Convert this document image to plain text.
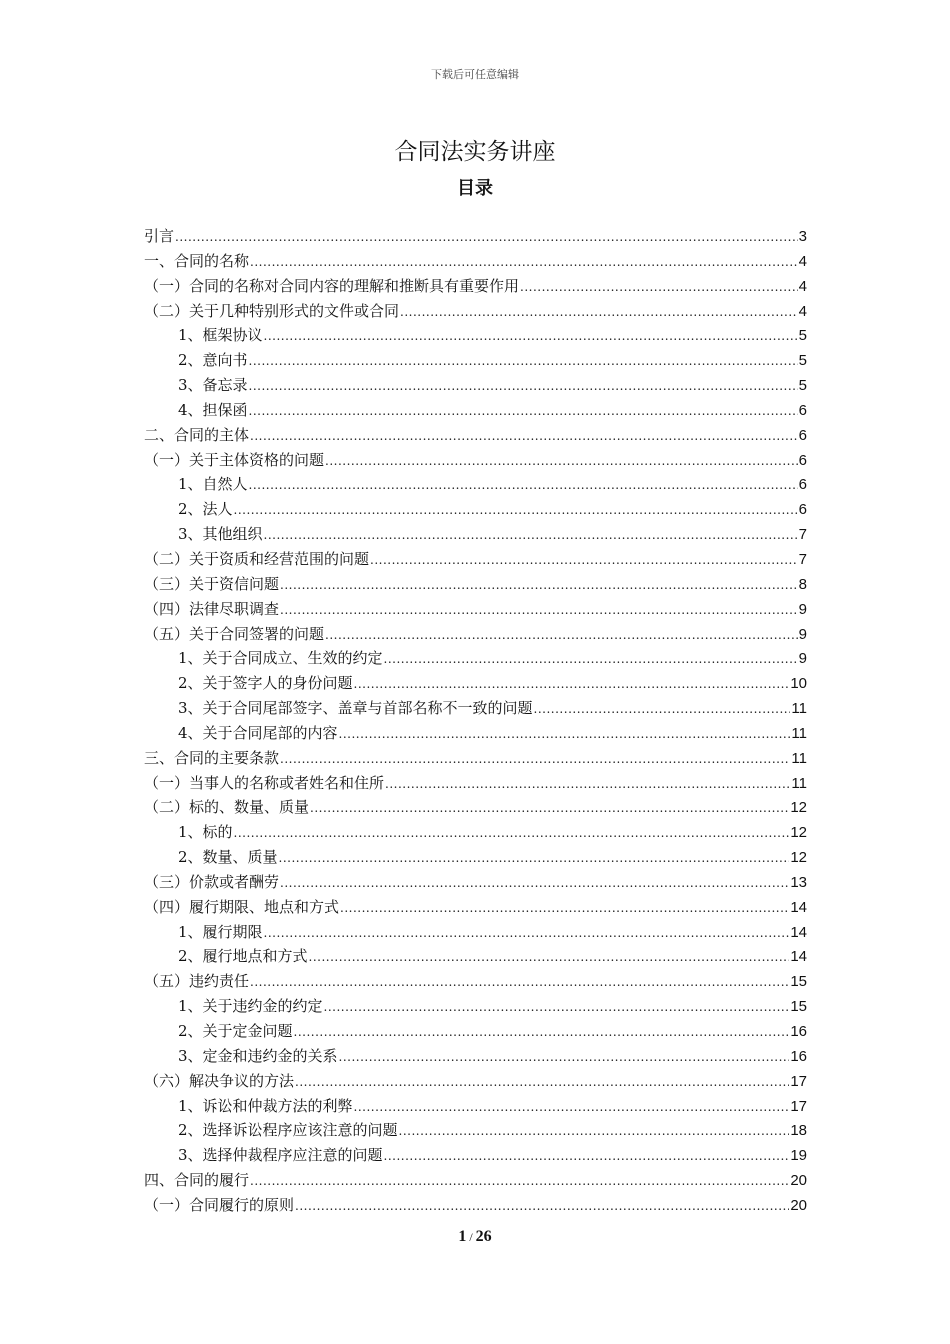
下载后可任意编辑
合同法实务讲座
目录
引言 .....	3
一、合同的名称 .....	4
（一）合同的名称对合同内容的理解和推断具有重要作用 .....	4
（二）关于几种特别形式的文件或合同 .....	4
1、框架协议 .....	5
2、意向书 .....	5
3、备忘录 .....	5
4、担保函 .....	6
二、合同的主体 .....	6
（一）关于主体资格的问题 .....	6
1、自然人 .....	6
2、法人 .....	6
3、其他组织 .....	7
（二）关于资质和经营范围的问题 .....	7
（三）关于资信问题 .....	8
（四）法律尽职调查 .....	9
（五）关于合同签署的问题 .....	9
1、关于合同成立、生效的约定 .....	9
2、关于签字人的身份问题 .....	10
3、关于合同尾部签字、盖章与首部名称不一致的问题 .....	11
4、关于合同尾部的内容 .....	11
三、合同的主要条款 .....	11
（一）当事人的名称或者姓名和住所 .....	11
（二）标的、数量、质量 .....	12
1、标的 .....	12
2、数量、质量 .....	12
（三）价款或者酬劳 .....	13
（四）履行期限、地点和方式 .....	14
1、履行期限 .....	14
2、履行地点和方式 .....	14
（五）违约责任 .....	15
1、关于违约金的约定 .....	15
2、关于定金问题 .....	16
3、定金和违约金的关系 .....	16
（六）解决争议的方法 .....	17
1、诉讼和仲裁方法的利弊 .....	17
2、选择诉讼程序应该注意的问题 .....	18
3、选择仲裁程序应注意的问题 .....	19
四、合同的履行 .....	20
（一）合同履行的原则 .....	20
1 / 26
